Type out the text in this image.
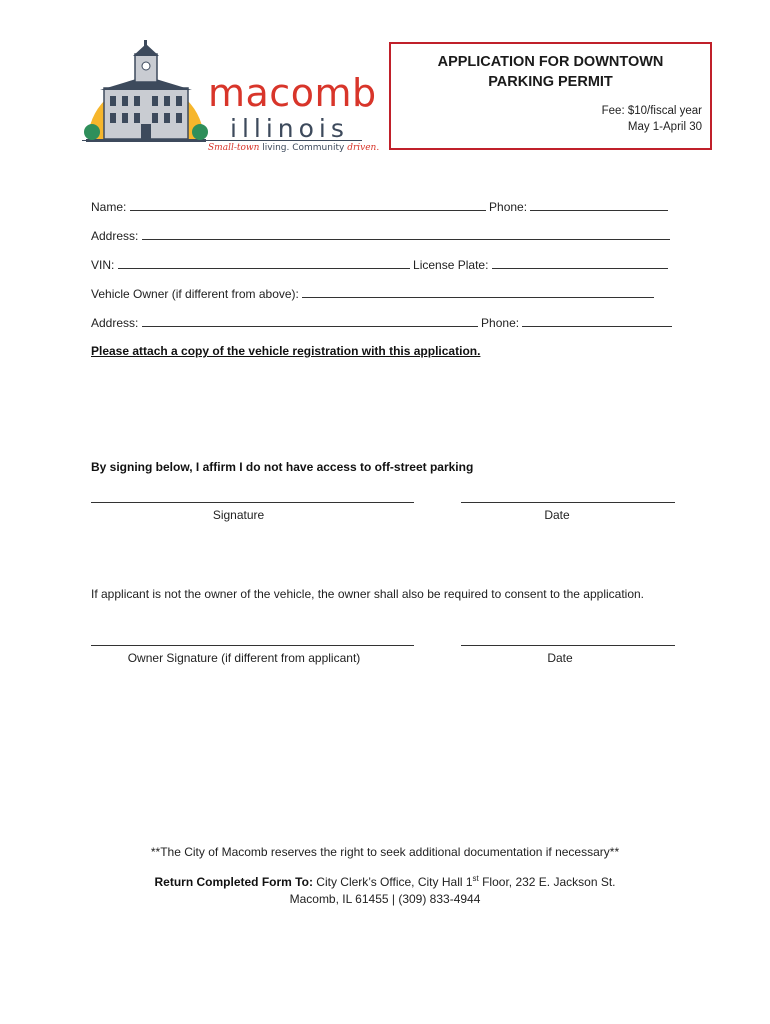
macomb
illinois
Small-town living. Community driven.
APPLICATION FOR DOWNTOWN
PARKING PERMIT
Fee: $10/fiscal year
May 1-April 30
Name:	Phone:
Address:
VIN:	License Plate:
Vehicle Owner (if different from above):
Address:	Phone:
Please attach a copy of the vehicle registration with this application.
By signing below, I affirm I do not have access to off-street parking
Signature	Date
If applicant is not the owner of the vehicle, the owner shall also be required to consent to the application.
Owner Signature (if different from applicant)	Date
**The City of Macomb reserves the right to seek additional documentation if necessary**
Return Completed Form To: City Clerk’s Office, City Hall 1st Floor, 232 E. Jackson St.
Macomb, IL 61455 | (309) 833-4944
